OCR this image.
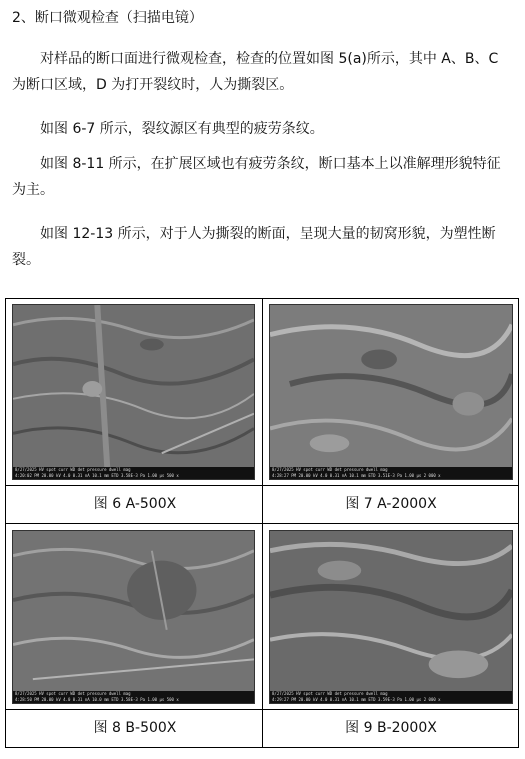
2、断口微观检查（扫描电镜）
对样品的断口面进行微观检查，检查的位置如图 5(a)所示，其中 A、B、C 为断口区域，D 为打开裂纹时，人为撕裂区。
如图 6-7 所示，裂纹源区有典型的疲劳条纹。
如图 8-11 所示，在扩展区域也有疲劳条纹，断口基本上以准解理形貌特征为主。
如图 12-13 所示，对于人为撕裂的断面，呈现大量的韧窝形貌，为塑性断裂。
8/27/2025 HV spot curr WD det pressure dwell mag
4:20:02 PM 20.00 kV 4.0 0.31 nA 10.1 mm ETD 3.58E-3 Pa 1.00 µs 500 x
图 6 A-500X
8/27/2025 HV spot curr WD det pressure dwell mag
4:28:27 PM 20.00 kV 4.0 0.31 nA 10.1 mm ETD 3.51E-3 Pa 1.00 µs 2 000 x
图 7 A-2000X
8/27/2025 HV spot curr WD det pressure dwell mag
4:28:50 PM 20.00 kV 4.0 0.31 nA 10.0 mm ETD 3.58E-3 Pa 1.00 µs 500 x
图 8 B-500X
8/27/2025 HV spot curr WD det pressure dwell mag
4:29:27 PM 20.00 kV 4.0 0.31 nA 10.1 mm ETD 3.59E-3 Pa 1.00 µs 2 000 x
图 9 B-2000X
